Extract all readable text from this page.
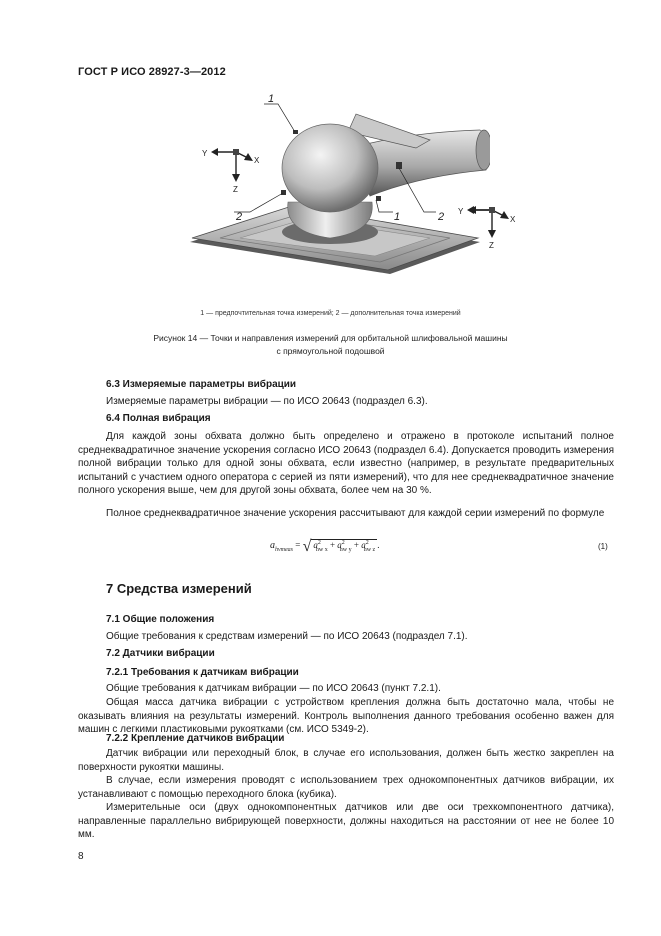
ГОСТ Р ИСО 28927-3—2012
1
2	1	2
Y
X
Z
Y
X
Z
1 — предпочтительная точка измерений; 2 — дополнительная точка измерений
Рисунок 14 — Точки и направления измерений для орбитальной шлифовальной машины
с прямоугольной подошвой
6.3 Измеряемые параметры вибрации
Измеряемые параметры вибрации — по ИСО 20643 (подраздел 6.3).
6.4 Полная вибрация
Для каждой зоны обхвата должно быть определено и отражено в протоколе испытаний полное среднеквадратичное значение ускорения согласно ИСО 20643 (подраздел 6.4). Допускается проводить измерения полной вибрации только для одной зоны обхвата, если известно (например, в результате предварительных испытаний с участием одного оператора с серией из пяти измерений), что для нее среднеквадратичное значение полного ускорения выше, чем для другой зоны обхвата, более чем на 30 %.
Полное среднеквадратичное значение ускорения рассчитывают для каждой серии измерений по формуле
$a_{hvmeas}$ = √ $a^2_{hw x} + a^2_{hw y} + a^2_{hw z}$ .	(1)
7 Средства измерений
7.1 Общие положения
Общие требования к средствам измерений — по ИСО 20643 (подраздел 7.1).
7.2 Датчики вибрации
7.2.1 Требования к датчикам вибрации
Общие требования к датчикам вибрации — по ИСО 20643 (пункт 7.2.1).
Общая масса датчика вибрации с устройством крепления должна быть достаточно мала, чтобы не оказывать влияния на результаты измерений. Контроль выполнения данного требования особенно важен для машин с легкими пластиковыми рукоятками (см. ИСО 5349-2).
7.2.2 Крепление датчиков вибрации
Датчик вибрации или переходный блок, в случае его использования, должен быть жестко закреплен на поверхности рукоятки машины.
В случае, если измерения проводят с использованием трех однокомпонентных датчиков вибрации, их устанавливают с помощью переходного блока (кубика).
Измерительные оси (двух однокомпонентных датчиков или две оси трехкомпонентного датчика), направленные параллельно вибрирующей поверхности, должны находиться на расстоянии от нее не более 10 мм.
8
